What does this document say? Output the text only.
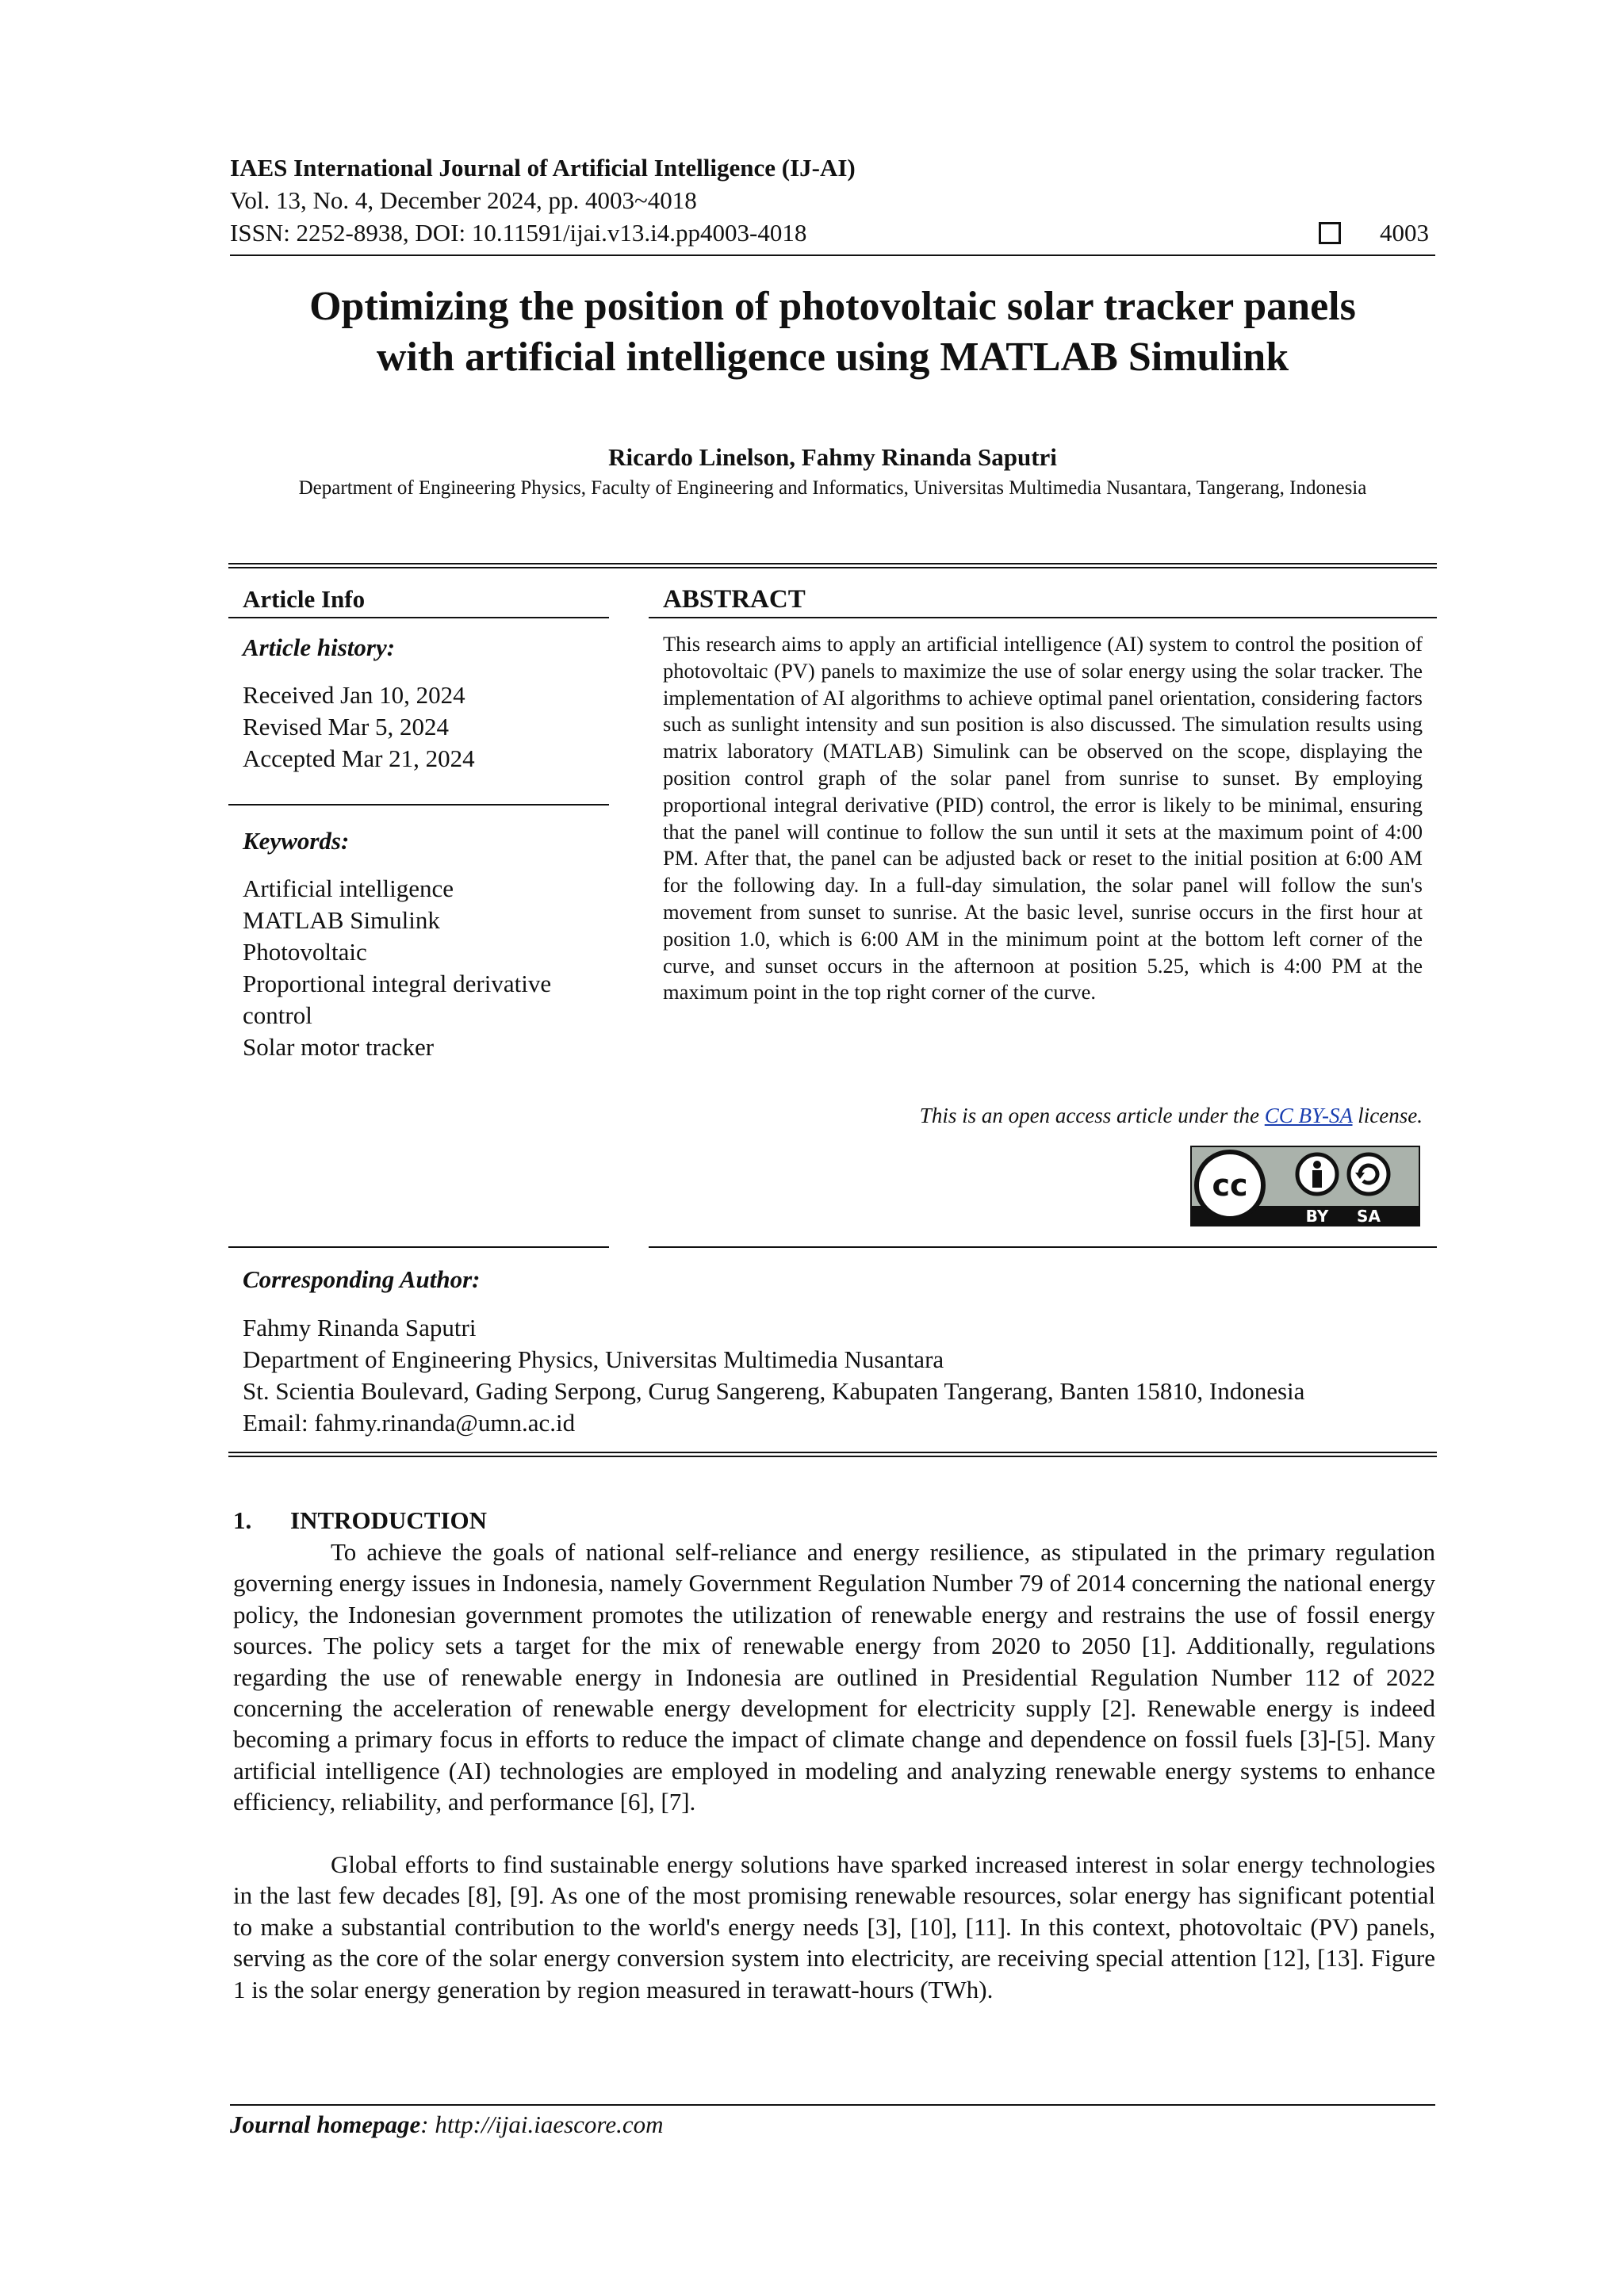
IAES International Journal of Artificial Intelligence (IJ-AI)
Vol. 13, No. 4, December 2024, pp. 4003~4018
ISSN: 2252-8938, DOI: 10.11591/ijai.v13.i4.pp4003-4018	4003
Optimizing the position of photovoltaic solar tracker panels
with artificial intelligence using MATLAB Simulink
Ricardo Linelson, Fahmy Rinanda Saputri
Department of Engineering Physics, Faculty of Engineering and Informatics, Universitas Multimedia Nusantara, Tangerang, Indonesia
Article Info
Article history:
Received Jan 10, 2024
Revised Mar 5, 2024
Accepted Mar 21, 2024
Keywords:
Artificial intelligence
MATLAB Simulink
Photovoltaic
Proportional integral derivative
control
Solar motor tracker
ABSTRACT
This research aims to apply an artificial intelligence (AI) system to control the position of photovoltaic (PV) panels to maximize the use of solar energy using the solar tracker. The implementation of AI algorithms to achieve optimal panel orientation, considering factors such as sunlight intensity and sun position is also discussed. The simulation results using matrix laboratory (MATLAB) Simulink can be observed on the scope, displaying the position control graph of the solar panel from sunrise to sunset. By employing proportional integral derivative (PID) control, the error is likely to be minimal, ensuring that the panel will continue to follow the sun until it sets at the maximum point of 4:00 PM. After that, the panel can be adjusted back or reset to the initial position at 6:00 AM for the following day. In a full-day simulation, the solar panel will follow the sun's movement from sunset to sunrise. At the basic level, sunrise occurs in the first hour at position 1.0, which is 6:00 AM in the minimum point at the bottom left corner of the curve, and sunset occurs in the afternoon at position 5.25, which is 4:00 PM at the maximum point in the top right corner of the curve.
This is an open access article under the CC BY-SA license.
cc
BY SA
Corresponding Author:
Fahmy Rinanda Saputri
Department of Engineering Physics, Universitas Multimedia Nusantara
St. Scientia Boulevard, Gading Serpong, Curug Sangereng, Kabupaten Tangerang, Banten 15810, Indonesia
Email: fahmy.rinanda@umn.ac.id
1. INTRODUCTION
To achieve the goals of national self-reliance and energy resilience, as stipulated in the primary regulation governing energy issues in Indonesia, namely Government Regulation Number 79 of 2014 concerning the national energy policy, the Indonesian government promotes the utilization of renewable energy and restrains the use of fossil energy sources. The policy sets a target for the mix of renewable energy from 2020 to 2050 [1]. Additionally, regulations regarding the use of renewable energy in Indonesia are outlined in Presidential Regulation Number 112 of 2022 concerning the acceleration of renewable energy development for electricity supply [2]. Renewable energy is indeed becoming a primary focus in efforts to reduce the impact of climate change and dependence on fossil fuels [3]-[5]. Many artificial intelligence (AI) technologies are employed in modeling and analyzing renewable energy systems to enhance efficiency, reliability, and performance [6], [7].
Global efforts to find sustainable energy solutions have sparked increased interest in solar energy technologies in the last few decades [8], [9]. As one of the most promising renewable resources, solar energy has significant potential to make a substantial contribution to the world's energy needs [3], [10], [11]. In this context, photovoltaic (PV) panels, serving as the core of the solar energy conversion system into electricity, are receiving special attention [12], [13]. Figure 1 is the solar energy generation by region measured in terawatt-hours (TWh).
Journal homepage: http://ijai.iaescore.com
